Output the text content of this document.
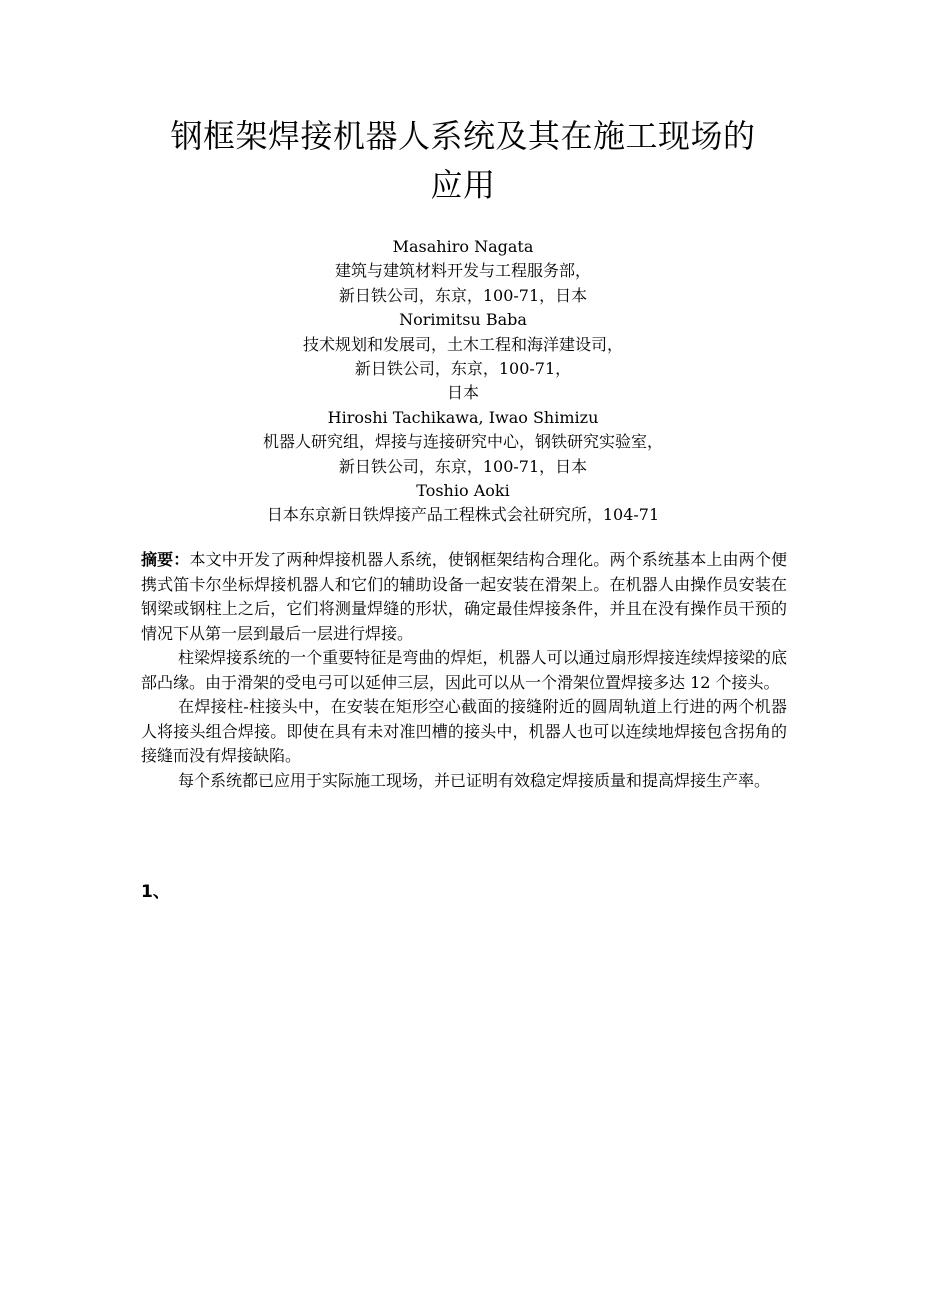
钢框架焊接机器人系统及其在施工现场的
应用
Masahiro Nagata
建筑与建筑材料开发与工程服务部，
新日铁公司，东京，100-71，日本
Norimitsu Baba
技术规划和发展司，土木工程和海洋建设司，
新日铁公司，东京，100-71，
日本
Hiroshi Tachikawa, Iwao Shimizu
机器人研究组，焊接与连接研究中心，钢铁研究实验室，
新日铁公司，东京，100-71，日本
Toshio Aoki
日本东京新日铁焊接产品工程株式会社研究所，104-71

摘要：本文中开发了两种焊接机器人系统，使钢框架结构合理化。两个系统基本上由两个便携式笛卡尔坐标焊接机器人和它们的辅助设备一起安装在滑架上。在机器人由操作员安装在钢梁或钢柱上之后，它们将测量焊缝的形状，确定最佳焊接条件，并且在没有操作员干预的情况下从第一层到最后一层进行焊接。

柱梁焊接系统的一个重要特征是弯曲的焊炬，机器人可以通过扇形焊接连续焊接梁的底部凸缘。由于滑架的受电弓可以延伸三层，因此可以从一个滑架位置焊接多达 12 个接头。

在焊接柱-柱接头中，在安装在矩形空心截面的接缝附近的圆周轨道上行进的两个机器人将接头组合焊接。即使在具有未对准凹槽的接头中，机器人也可以连续地焊接包含拐角的接缝而没有焊接缺陷。

每个系统都已应用于实际施工现场，并已证明有效稳定焊接质量和提高焊接生产率。

1、
